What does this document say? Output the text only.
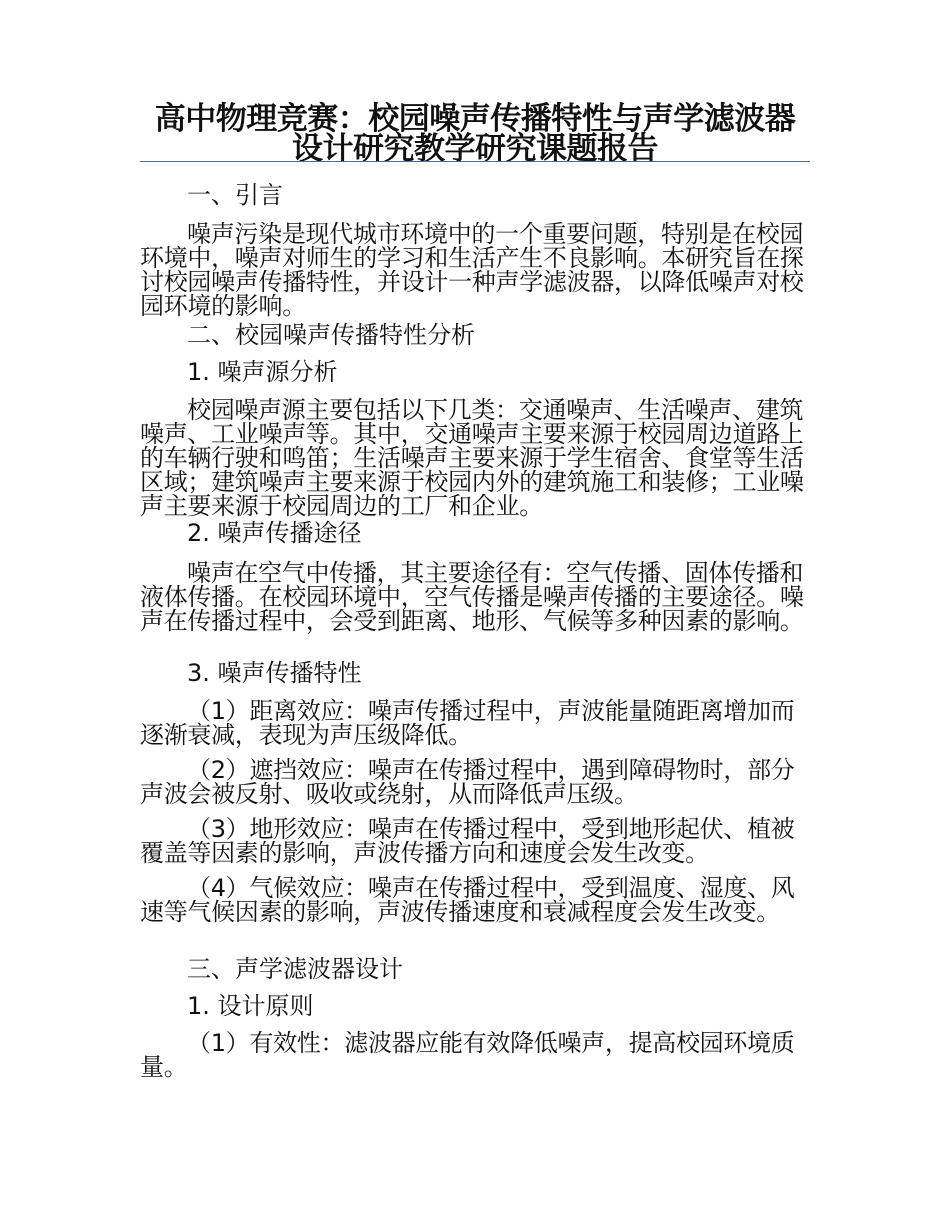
高中物理竞赛：校园噪声传播特性与声学滤波器设计研究教学研究课题报告

一、引言

噪声污染是现代城市环境中的一个重要问题，特别是在校园环境中，噪声对师生的学习和生活产生不良影响。本研究旨在探讨校园噪声传播特性，并设计一种声学滤波器，以降低噪声对校园环境的影响。

二、校园噪声传播特性分析

1. 噪声源分析

校园噪声源主要包括以下几类：交通噪声、生活噪声、建筑噪声、工业噪声等。其中，交通噪声主要来源于校园周边道路上的车辆行驶和鸣笛；生活噪声主要来源于学生宿舍、食堂等生活区域；建筑噪声主要来源于校园内外的建筑施工和装修；工业噪声主要来源于校园周边的工厂和企业。

2. 噪声传播途径

噪声在空气中传播，其主要途径有：空气传播、固体传播和液体传播。在校园环境中，空气传播是噪声传播的主要途径。噪声在传播过程中，会受到距离、地形、气候等多种因素的影响。

3. 噪声传播特性

（1）距离效应：噪声传播过程中，声波能量随距离增加而逐渐衰减，表现为声压级降低。

（2）遮挡效应：噪声在传播过程中，遇到障碍物时，部分声波会被反射、吸收或绕射，从而降低声压级。

（3）地形效应：噪声在传播过程中，受到地形起伏、植被覆盖等因素的影响，声波传播方向和速度会发生改变。

（4）气候效应：噪声在传播过程中，受到温度、湿度、风速等气候因素的影响，声波传播速度和衰减程度会发生改变。

三、声学滤波器设计

1. 设计原则

（1）有效性：滤波器应能有效降低噪声，提高校园环境质量。
